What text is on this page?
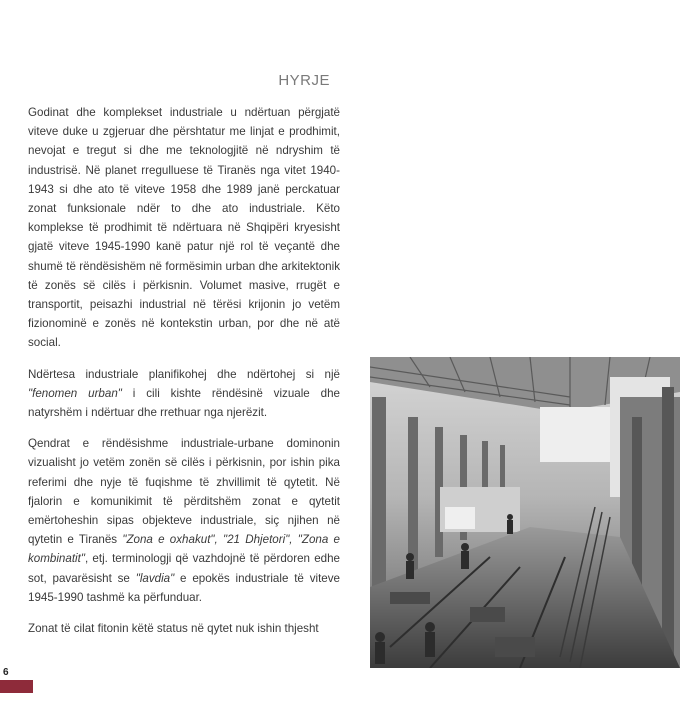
HYRJE

Godinat dhe komplekset industriale u ndërtuan përgjatë viteve duke u zgjeruar dhe përshtatur me linjat e prodhimit, nevojat e tregut si dhe me teknologjitë në ndryshim të industrisë. Në planet rregulluese të Tiranës nga vitet 1940-1943 si dhe ato të viteve 1958 dhe 1989 janë perckatuar zonat funksionale ndër to dhe ato industriale. Këto komplekse të prodhimit të ndërtuara në Shqipëri kryesisht gjatë viteve 1945-1990 kanë patur një rol të veçantë dhe shumë të rëndësishëm në formësimin urban dhe arkitektonik të zonës së cilës i përkisnin. Volumet masive, rrugët e transportit, peisazhi industrial në tërësi krijonin jo vetëm fizionominë e zonës në kontekstin urban, por dhe në atë social.

Ndërtesa industriale planifikohej dhe ndërtohej si një "fenomen urban" i cili kishte rëndësinë vizuale dhe natyrshëm i ndërtuar dhe rrethuar nga njerëzit.

Qendrat e rëndësishme industriale-urbane dominonin vizualisht jo vetëm zonën së cilës i përkisnin, por ishin pika referimi dhe nyje të fuqishme të zhvillimit të qytetit. Në fjalorin e komunikimit të përditshëm zonat e qytetit emërtoheshin sipas objekteve industriale, siç njihen në qytetin e Tiranës "Zona e oxhakut", "21 Dhjetori", "Zona e kombinatit", etj. terminologji që vazhdojnë të përdoren edhe sot, pavarësisht se "lavdia" e epokës industriale të viteve 1945-1990 tashmë ka përfunduar.

Zonat të cilat fitonin këtë status në qytet nuk ishin thjesht

6
